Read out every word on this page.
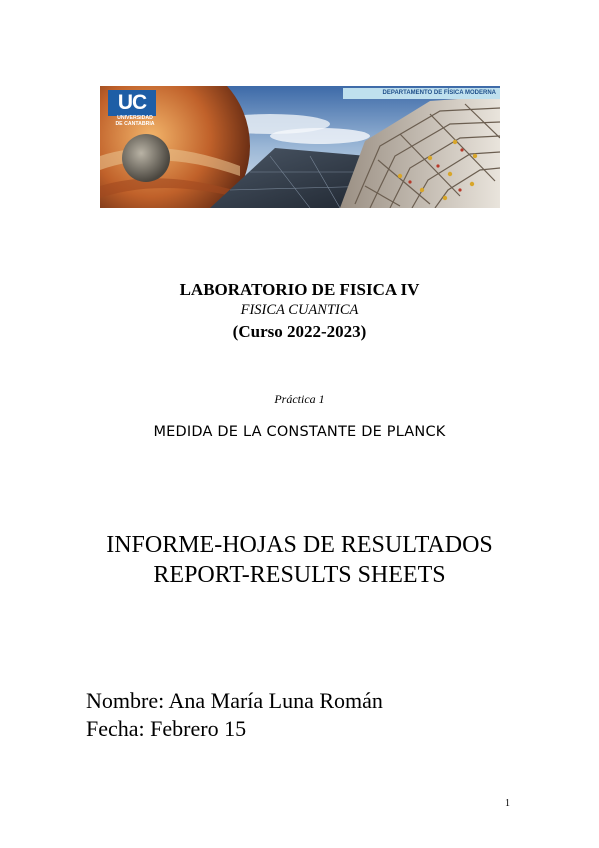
UC
UNIVERSIDAD
DE CANTABRIA
DEPARTAMENTO DE FÍSICA MODERNA
LABORATORIO DE FISICA IV
FISICA CUANTICA
(Curso 2022-2023)
Práctica 1
MEDIDA DE LA CONSTANTE DE PLANCK
INFORME-HOJAS DE RESULTADOS
REPORT-RESULTS SHEETS
Nombre: Ana María Luna Román
Fecha: Febrero 15
1
